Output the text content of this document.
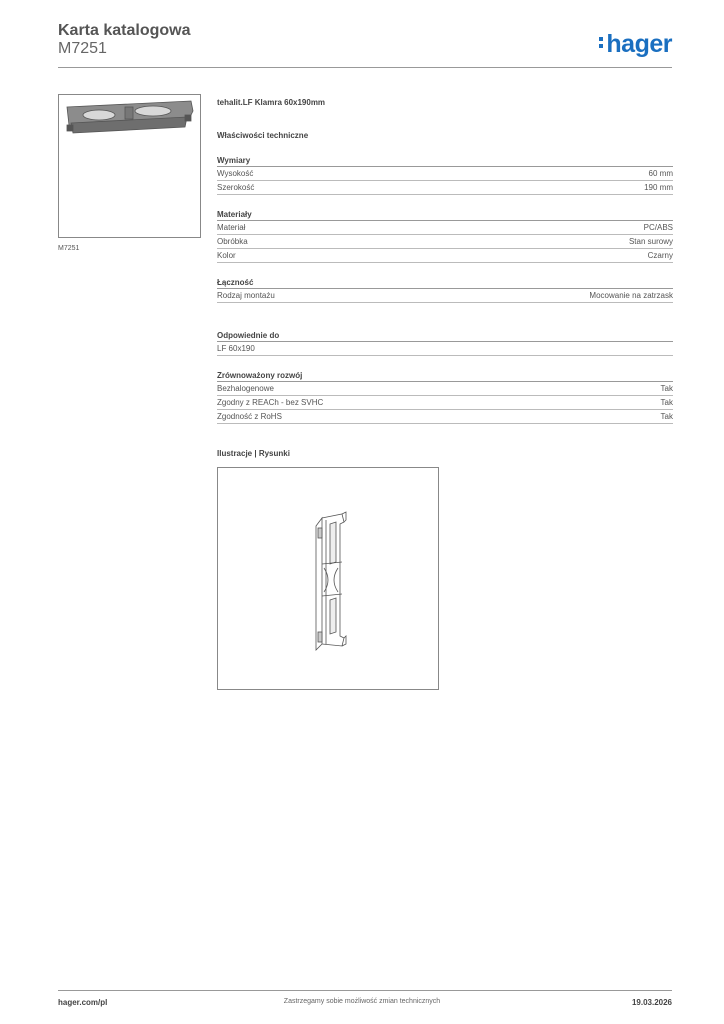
Karta katalogowa
M7251	hager
M7251
tehalit.LF Klamra 60x190mm
Właściwości techniczne
Wymiary
Wysokość	60 mm
Szerokość	190 mm
Materiały
Materiał	PC/ABS
Obróbka	Stan surowy
Kolor	Czarny
Łączność
Rodzaj montażu	Mocowanie na zatrzask
Odpowiednie do
LF 60x190
Zrównoważony rozwój
Bezhalogenowe	Tak
Zgodny z REACh - bez SVHC	Tak
Zgodność z RoHS	Tak
Ilustracje | Rysunki
hager.com/pl	Zastrzegamy sobie możliwość zmian technicznych	19.03.2026
